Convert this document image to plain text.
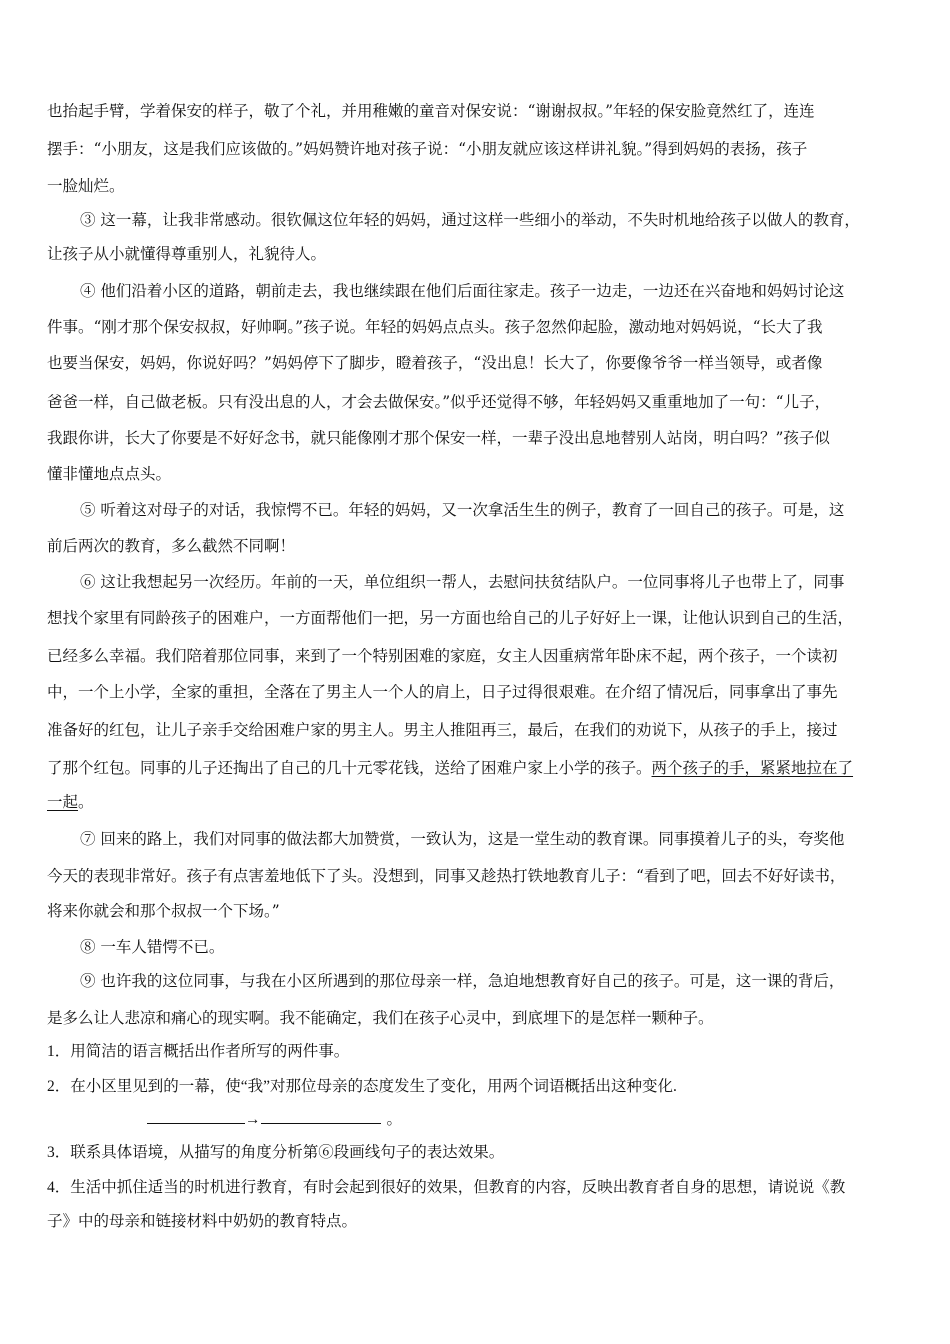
也抬起手臂，学着保安的样子，敬了个礼，并用稚嫩的童音对保安说：“谢谢叔叔。”年轻的保安脸竟然红了，连连
摆手：“小朋友，这是我们应该做的。”妈妈赞许地对孩子说：“小朋友就应该这样讲礼貌。”得到妈妈的表扬，孩子
一脸灿烂。
③ 这一幕，让我非常感动。很钦佩这位年轻的妈妈，通过这样一些细小的举动，不失时机地给孩子以做人的教育，
让孩子从小就懂得尊重别人，礼貌待人。
④ 他们沿着小区的道路，朝前走去，我也继续跟在他们后面往家走。孩子一边走，一边还在兴奋地和妈妈讨论这
件事。“刚才那个保安叔叔，好帅啊。”孩子说。年轻的妈妈点点头。孩子忽然仰起脸，激动地对妈妈说，“长大了我
也要当保安，妈妈，你说好吗？”妈妈停下了脚步，瞪着孩子，“没出息！长大了，你要像爷爷一样当领导，或者像
爸爸一样，自己做老板。只有没出息的人，才会去做保安。”似乎还觉得不够，年轻妈妈又重重地加了一句：“儿子，
我跟你讲，长大了你要是不好好念书，就只能像刚才那个保安一样，一辈子没出息地替别人站岗，明白吗？”孩子似
懂非懂地点点头。
⑤ 听着这对母子的对话，我惊愕不已。年轻的妈妈，又一次拿活生生的例子，教育了一回自己的孩子。可是，这
前后两次的教育，多么截然不同啊！
⑥ 这让我想起另一次经历。年前的一天，单位组织一帮人，去慰问扶贫结队户。一位同事将儿子也带上了，同事
想找个家里有同龄孩子的困难户，一方面帮他们一把，另一方面也给自己的儿子好好上一课，让他认识到自己的生活，
已经多么幸福。我们陪着那位同事，来到了一个特别困难的家庭，女主人因重病常年卧床不起，两个孩子，一个读初
中，一个上小学，全家的重担，全落在了男主人一个人的肩上，日子过得很艰难。在介绍了情况后，同事拿出了事先
准备好的红包，让儿子亲手交给困难户家的男主人。男主人推阻再三，最后，在我们的劝说下，从孩子的手上，接过
了那个红包。同事的儿子还掏出了自己的几十元零花钱，送给了困难户家上小学的孩子。两个孩子的手，紧紧地拉在了
一起。
⑦ 回来的路上，我们对同事的做法都大加赞赏，一致认为，这是一堂生动的教育课。同事摸着儿子的头，夸奖他
今天的表现非常好。孩子有点害羞地低下了头。没想到，同事又趁热打铁地教育儿子：“看到了吧，回去不好好读书，
将来你就会和那个叔叔一个下场。”
⑧ 一车人错愕不已。
⑨ 也许我的这位同事，与我在小区所遇到的那位母亲一样，急迫地想教育好自己的孩子。可是，这一课的背后，
是多么让人悲凉和痛心的现实啊。我不能确定，我们在孩子心灵中，到底埋下的是怎样一颗种子。
1．用简洁的语言概括出作者所写的两件事。
2．在小区里见到的一幕，使“我”对那位母亲的态度发生了变化，用两个词语概括出这种变化.
→	。
3．联系具体语境，从描写的角度分析第⑥段画线句子的表达效果。
4．生活中抓住适当的时机进行教育，有时会起到很好的效果，但教育的内容，反映出教育者自身的思想，请说说《教
子》中的母亲和链接材料中奶奶的教育特点。
